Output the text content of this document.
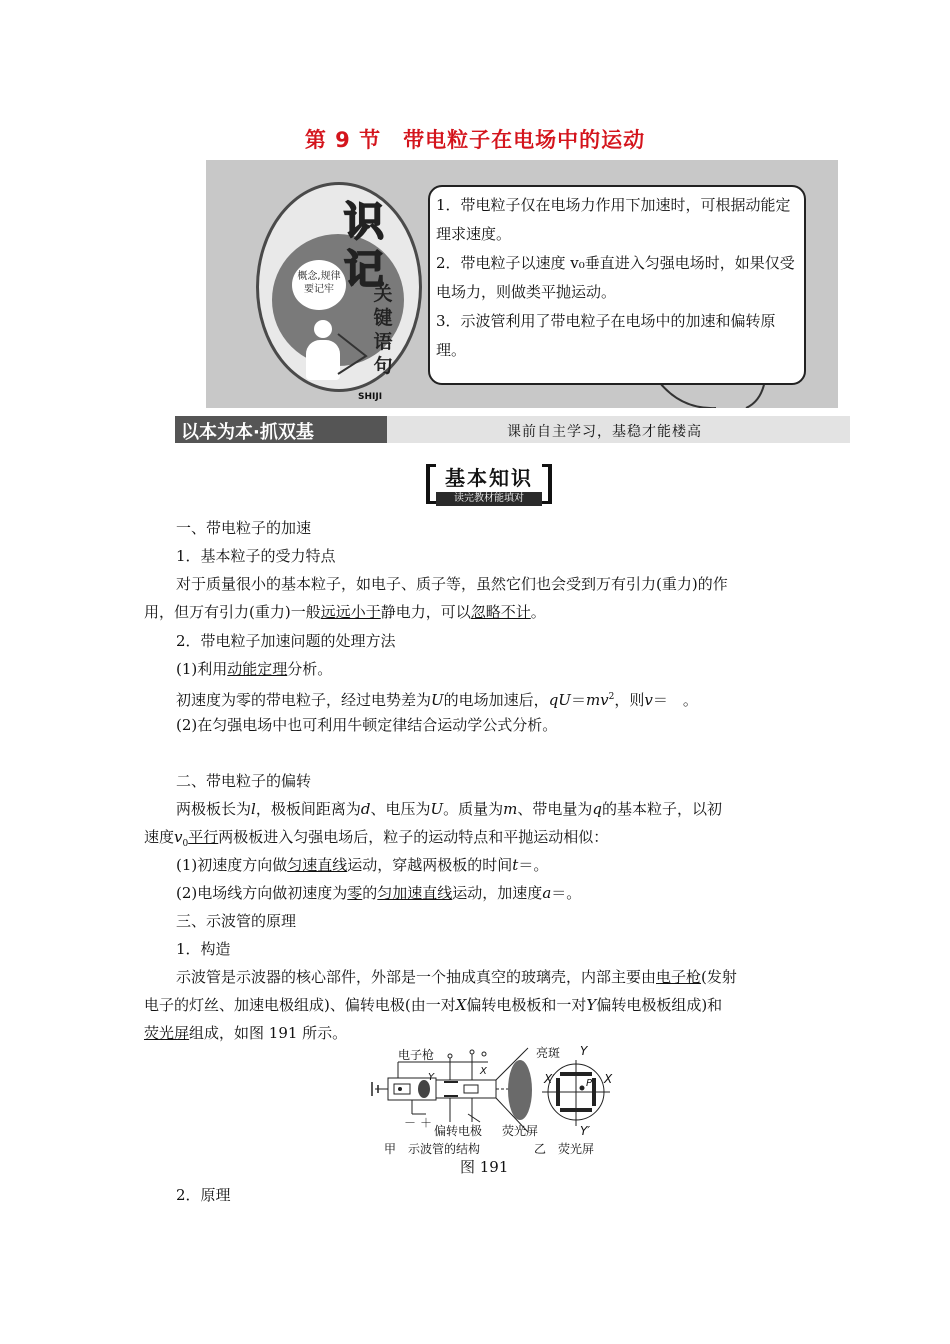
第 9 节 带电粒子在电场中的运动
概念,规律
要记牢
识
记
关
键
语
句
SHIJI

1．带电粒子仅在电场力作用下加速时，可根据动能定理求速度。

2．带电粒子以速度 v₀垂直进入匀强电场时，如果仅受电场力，则做类平抛运动。

3．示波管利用了带电粒子在电场中的加速和偏转原理。

以本为本·抓双基	课前自主学习，基稳才能楼高
基本知识
读完教材能填对
一、带电粒子的加速
1．基本粒子的受力特点
对于质量很小的基本粒子，如电子、质子等，虽然它们也会受到万有引力(重力)的作
用，但万有引力(重力)一般远远小于静电力，可以忽略不计。
2．带电粒子加速问题的处理方法
(1)利用动能定理分析。
初速度为零的带电粒子，经过电势差为U的电场加速后，$qU=mv^2$，则v＝　。
(2)在匀强电场中也可利用牛顿定律结合运动学公式分析。
二、带电粒子的偏转
两极板长为l，极板间距离为d、电压为U。质量为m、带电量为q的基本粒子，以初
速度$v_0$平行两极板进入匀强电场后，粒子的运动特点和平抛运动相似：
(1)初速度方向做匀速直线运动，穿越两极板的时间t＝。
(2)电场线方向做初速度为零的匀加速直线运动，加速度a＝。
三、示波管的原理
1．构造
示波管是示波器的核心部件，外部是一个抽成真空的玻璃壳，内部主要由电子枪(发射
电子的灯丝、加速电极组成)、偏转电极(由一对X偏转电极板和一对Y偏转电极板组成)和
荧光屏组成，如图 191 所示。
电子枪	亮斑 Y
X′	X
P
Y′
X
Y
－ ＋
偏转电极 荧光屏
甲　示波管的结构	乙　荧光屏
图 191
2．原理
